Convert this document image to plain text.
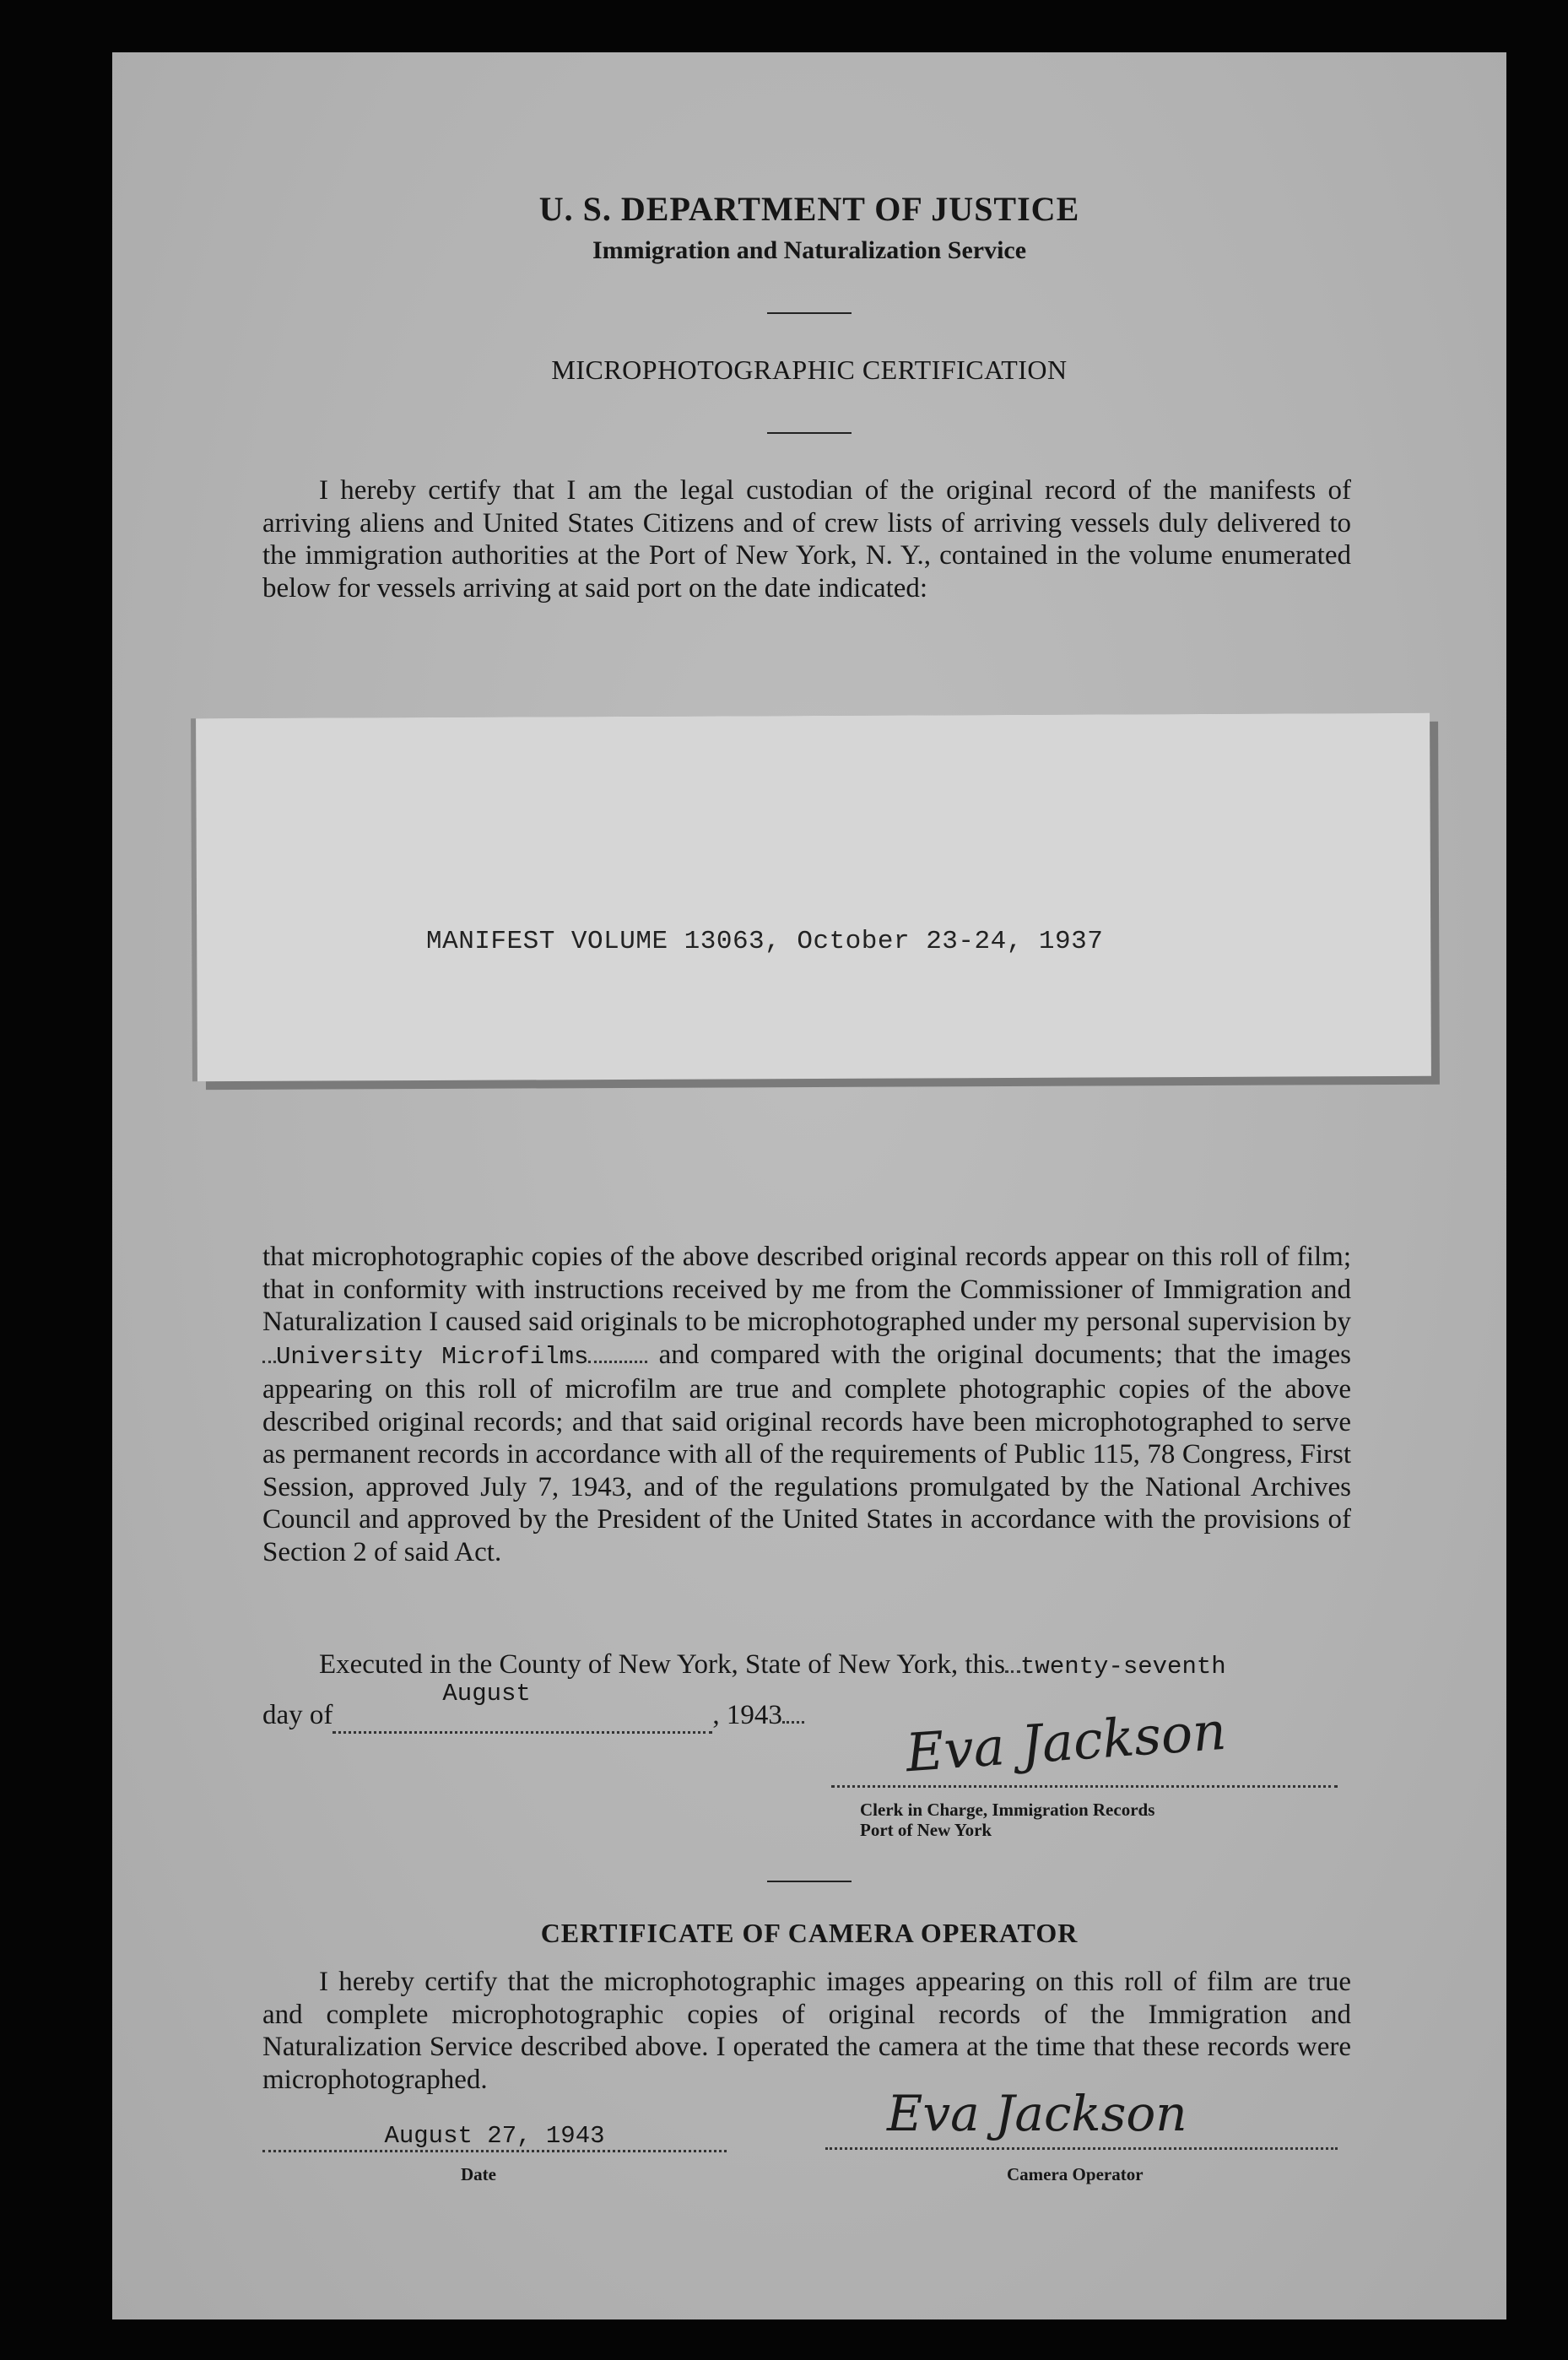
U. S. DEPARTMENT OF JUSTICE
Immigration and Naturalization Service
MICROPHOTOGRAPHIC CERTIFICATION
I hereby certify that I am the legal custodian of the original record of the manifests of arriving aliens and United States Citizens and of crew lists of arriving vessels duly delivered to the immigration authorities at the Port of New York, N. Y., contained in the volume enumerated below for vessels arriving at said port on the date indicated:
MANIFEST VOLUME 13063, October 23-24, 1937
that microphotographic copies of the above described original records appear on this roll of film; that in conformity with instructions received by me from the Commissioner of Immigration and Naturalization I caused said originals to be microphotographed under my personal supervision byUniversity Microfilms	and compared with the original documents; that the images appearing on this roll of microfilm are true and complete photographic copies of the above described original records; and that said original records have been microphotographed to serve as permanent records in accordance with all of the requirements of Public 115, 78 Congress, First Session, approved July 7, 1943, and of the regulations promulgated by the National Archives Council and approved by the President of the United States in accordance with the provisions of Section 2 of said Act.
Executed in the County of New York, State of New York, this twenty-seventh
day of
August
, 1943	Eva Jackson
Clerk in Charge, Immigration Records
Port of New York
CERTIFICATE OF CAMERA OPERATOR
I hereby certify that the microphotographic images appearing on this roll of film are true and complete microphotographic copies of original records of the Immigration and Naturalization Service described above. I operated the camera at the time that these records were microphotographed.
August 27, 1943
Date
Eva Jackson
Camera Operator
